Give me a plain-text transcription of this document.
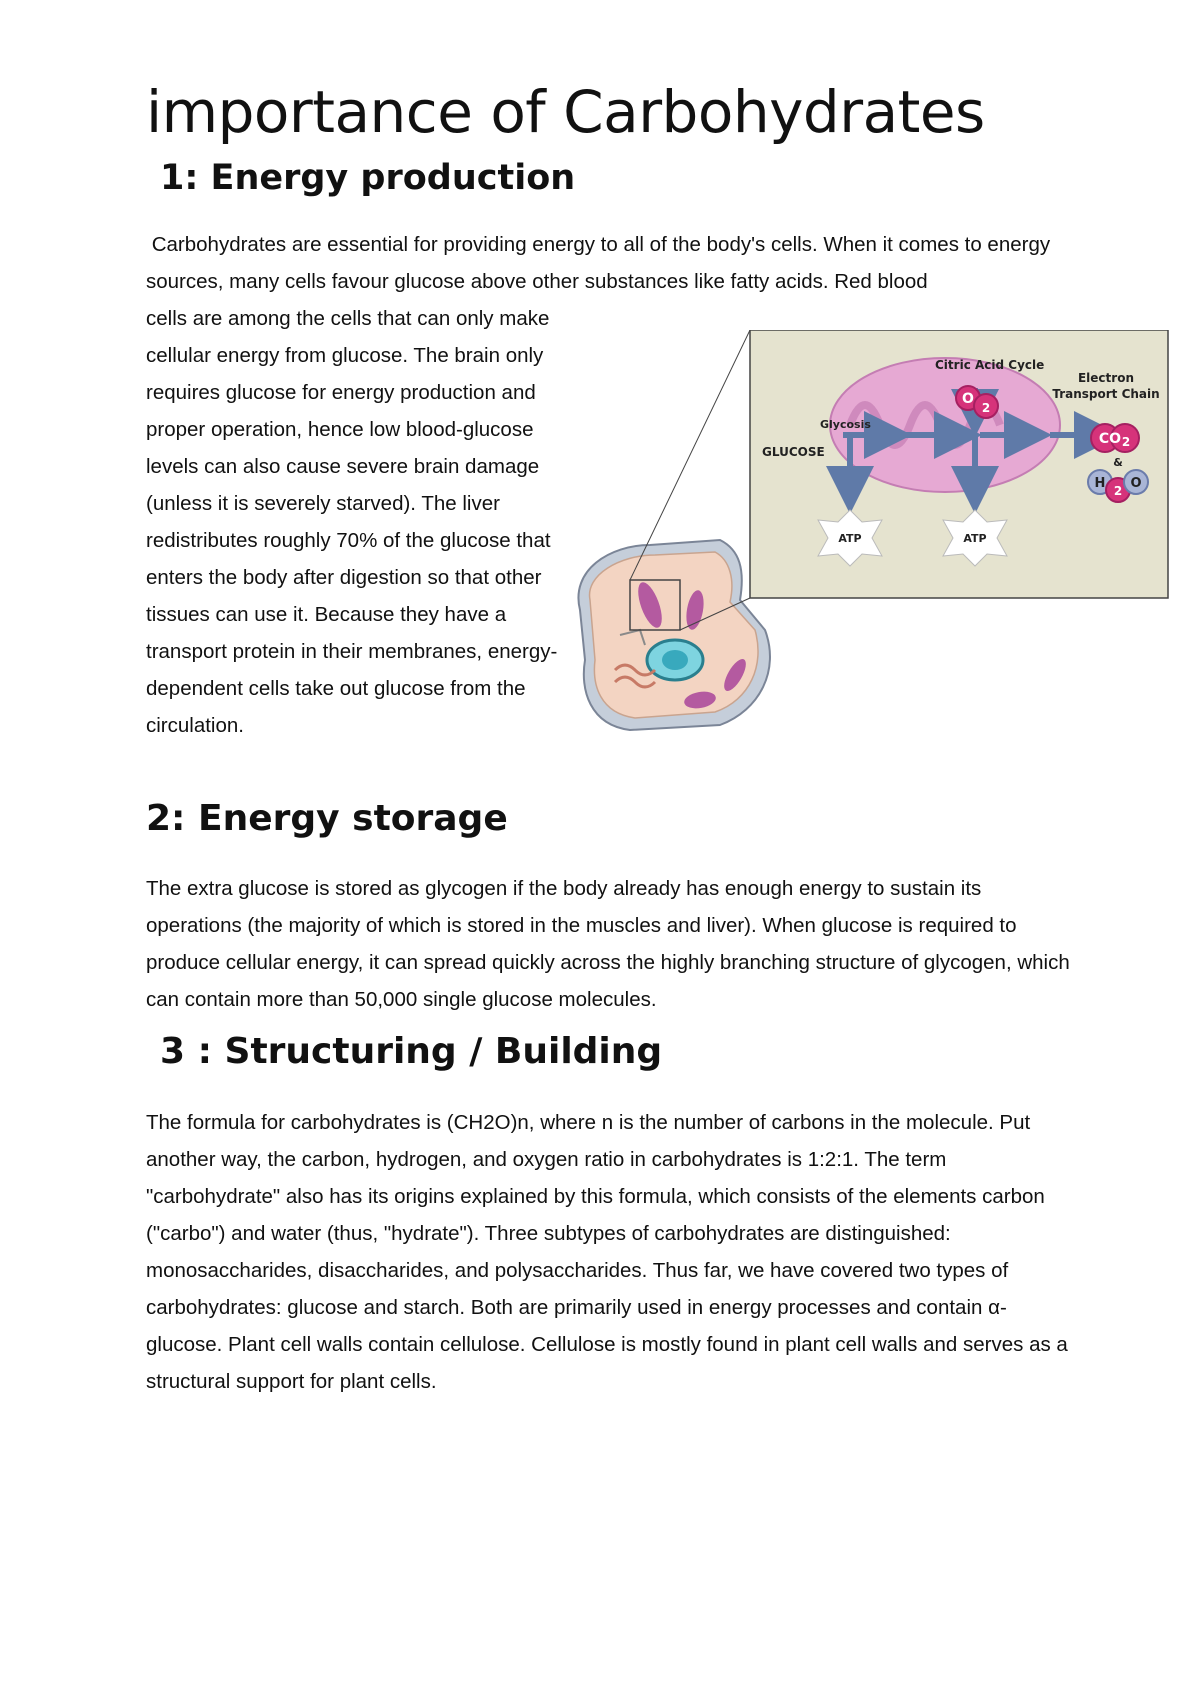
importance of Carbohydrates
1: Energy production

Carbohydrates are essential for providing energy to all of the body's cells. When it comes to energy sources, many cells favour glucose above other substances like fatty acids. Red blood

cells are among the cells that can only make cellular energy from glucose. The brain only requires glucose for energy production and proper operation, hence low blood-glucose levels can also cause severe brain damage (unless it is severely starved). The liver redistributes roughly 70% of the glucose that enters the body after digestion so that other tissues can use it. Because they have a transport protein in their membranes, energy-dependent cells take out glucose from the circulation.

Citric Acid Cycle
Electron
Transport Chain
Glycosis
GLUCOSE
O
2
CO 2
&
H 2 O
ATP	ATP
2: Energy storage

The extra glucose is stored as glycogen if the body already has enough energy to sustain its operations (the majority of which is stored in the muscles and liver). When glucose is required to produce cellular energy, it can spread quickly across the highly branching structure of glycogen, which can contain more than 50,000 single glucose molecules.

3 : Structuring / Building

The formula for carbohydrates is (CH2O)n, where n is the number of carbons in the molecule. Put another way, the carbon, hydrogen, and oxygen ratio in carbohydrates is 1:2:1. The term "carbohydrate" also has its origins explained by this formula, which consists of the elements carbon ("carbo") and water (thus, "hydrate"). Three subtypes of carbohydrates are distinguished: monosaccharides, disaccharides, and polysaccharides. Thus far, we have covered two types of carbohydrates: glucose and starch. Both are primarily used in energy processes and contain α-glucose. Plant cell walls contain cellulose. Cellulose is mostly found in plant cell walls and serves as a structural support for plant cells.
